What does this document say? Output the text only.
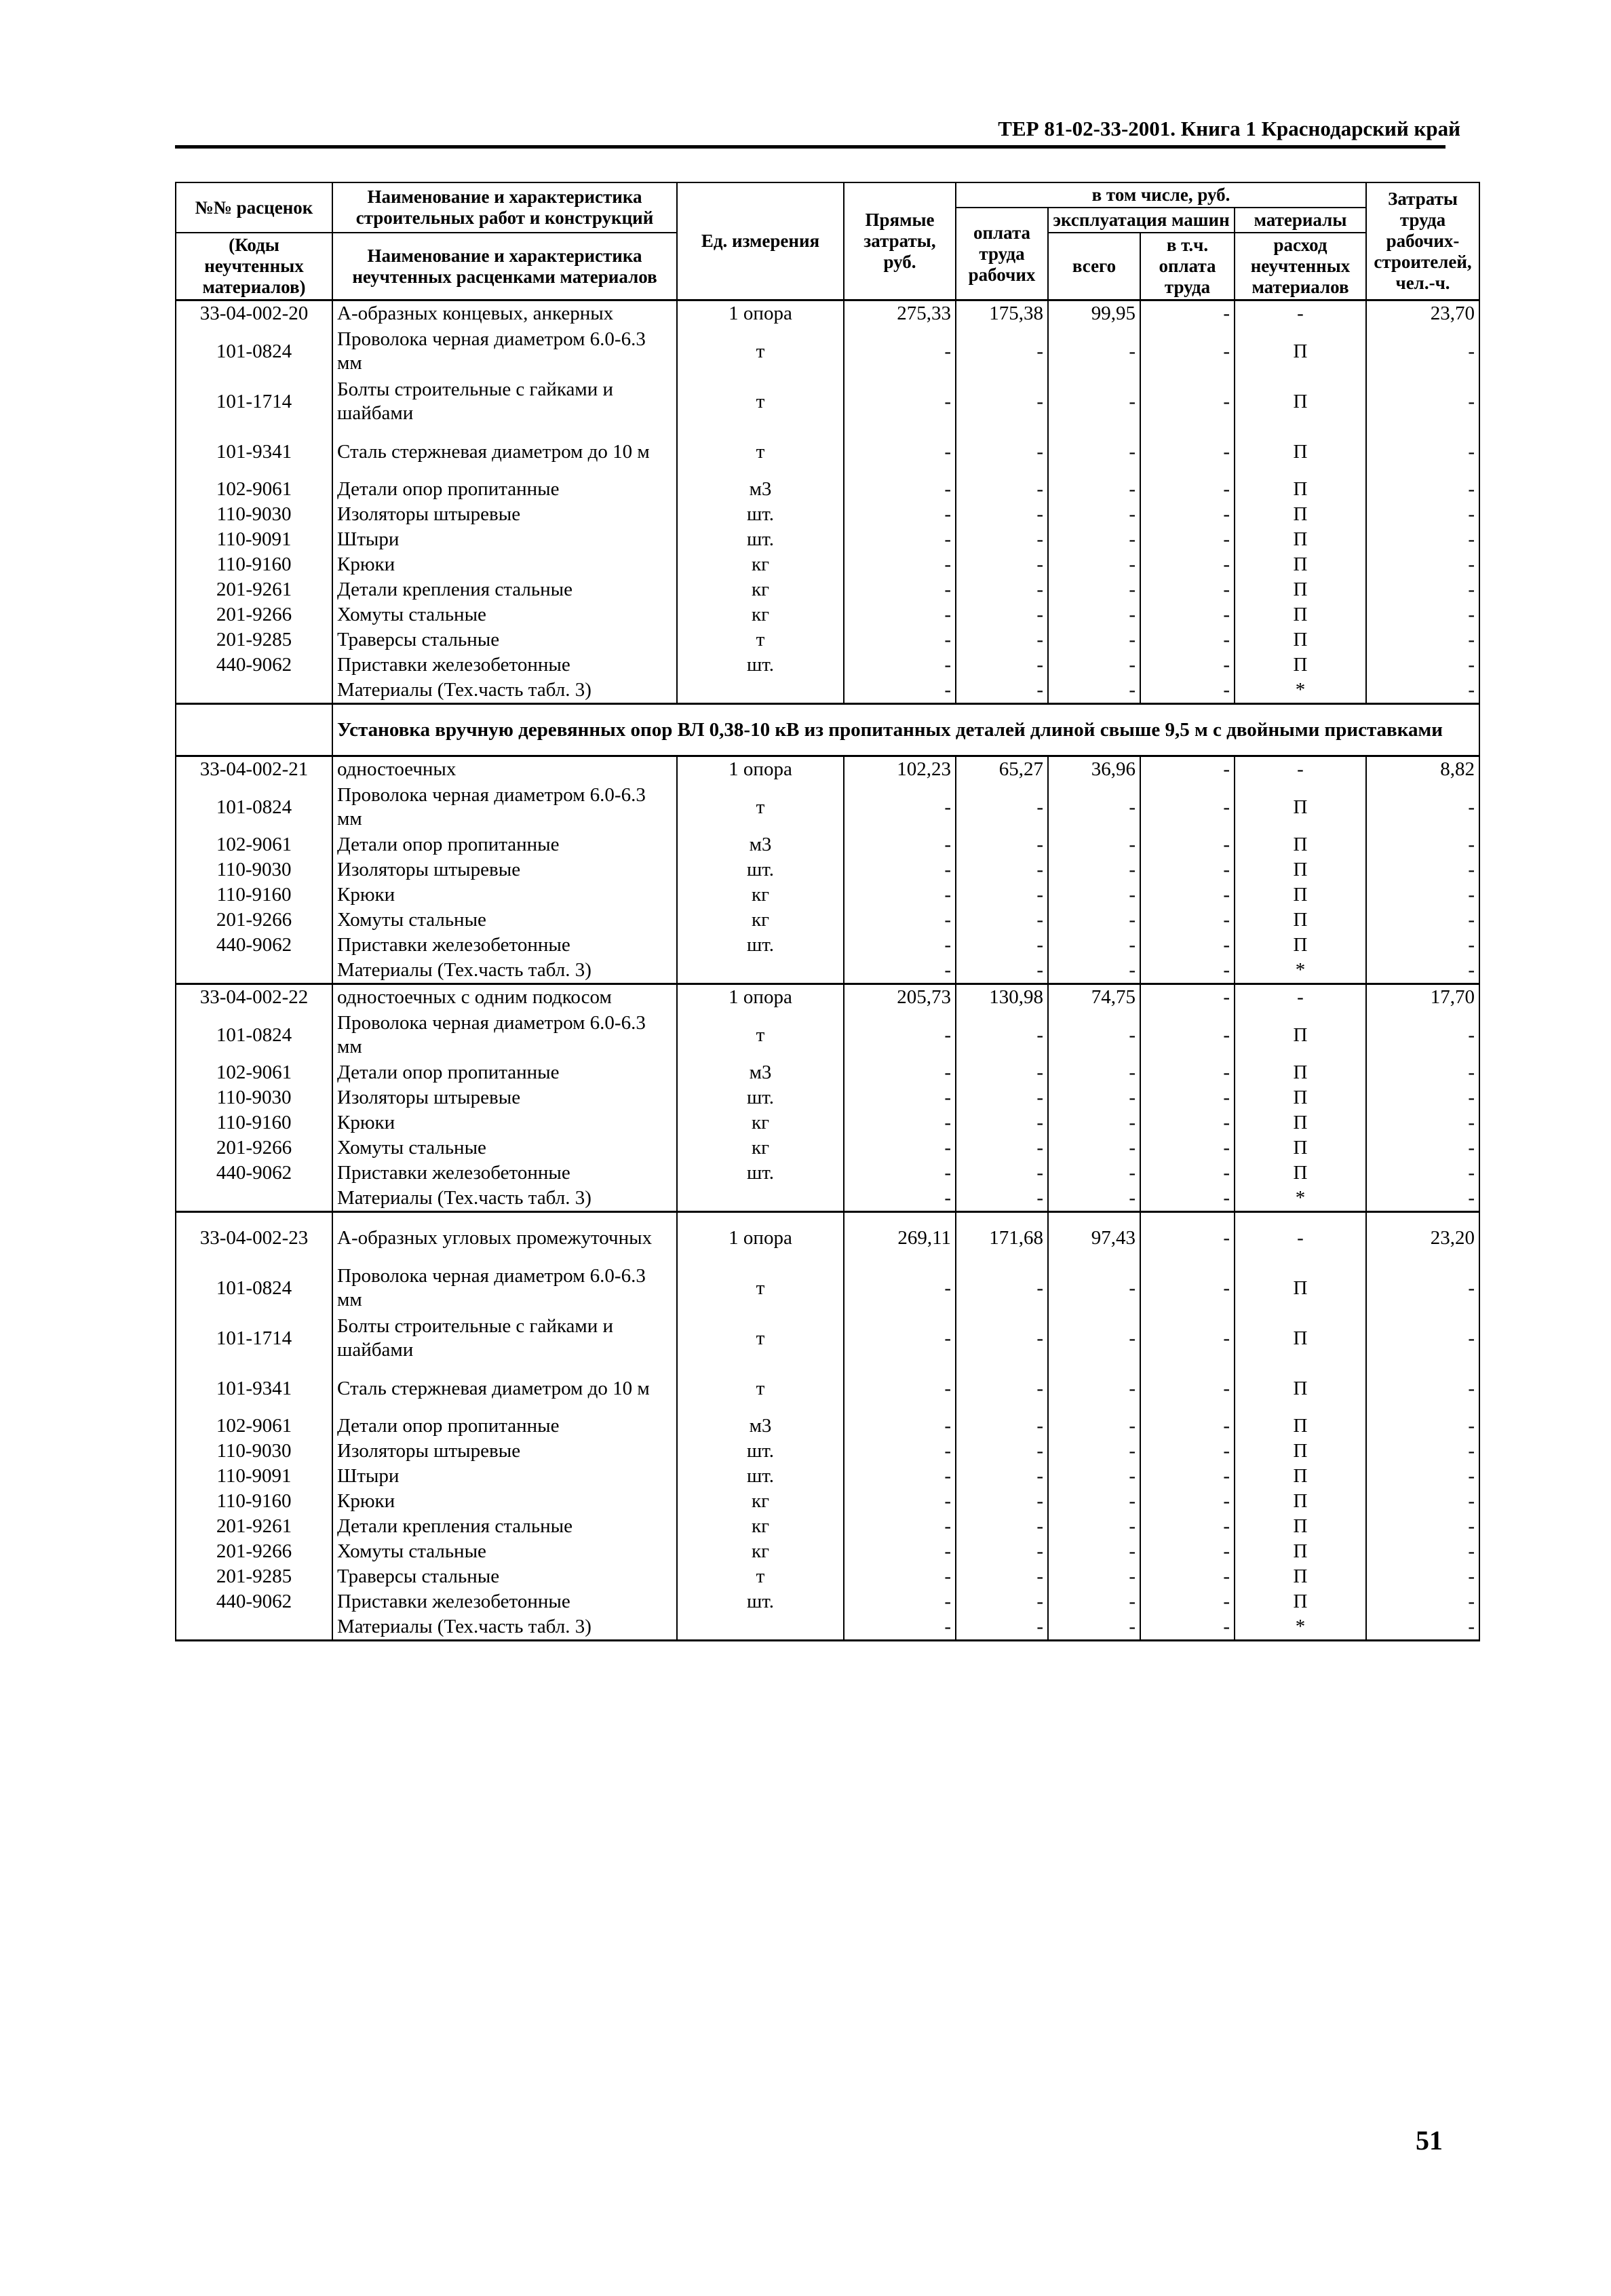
ТЕР 81-02-33-2001. Книга 1 Краснодарский край
№№ расценок	Наименование и характеристика строительных работ и конструкций	Ед. измерения	Прямые затраты, руб.	в том числе, руб.				Затраты труда рабочих-строителей, чел.-ч.
				оплата труда рабочих	эксплуатация машин		материалы	
(Коды неучтенных материалов)	Наименование и характеристика неучтенных расценками материалов				всего	в т.ч. оплата труда	расход неучтенных материалов	

33-04-002-20	А-образных концевых, анкерных	1 опора	275,33	175,38	99,95	-	-	23,70
101-0824	Проволока черная диаметром 6.0-6.3 мм	т	-	-	-	-	П	-
101-1714	Болты строительные с гайками и шайбами	т	-	-	-	-	П	-
101-9341	Сталь стержневая диаметром до 10 м	т	-	-	-	-	П	-
102-9061	Детали опор пропитанные	м3	-	-	-	-	П	-
110-9030	Изоляторы штыревые	шт.	-	-	-	-	П	-
110-9091	Штыри	шт.	-	-	-	-	П	-
110-9160	Крюки	кг	-	-	-	-	П	-
201-9261	Детали крепления стальные	кг	-	-	-	-	П	-
201-9266	Хомуты стальные	кг	-	-	-	-	П	-
201-9285	Траверсы стальные	т	-	-	-	-	П	-
440-9062	Приставки железобетонные	шт.	-	-	-	-	П	-
	Материалы (Тех.часть табл. 3)		-	-	-	-	*	-
	Установка вручную деревянных опор ВЛ 0,38-10 кВ из пропитанных деталей длиной свыше 9,5 м с двойными приставками							
33-04-002-21	одностоечных	1 опора	102,23	65,27	36,96	-	-	8,82
101-0824	Проволока черная диаметром 6.0-6.3 мм	т	-	-	-	-	П	-
102-9061	Детали опор пропитанные	м3	-	-	-	-	П	-
110-9030	Изоляторы штыревые	шт.	-	-	-	-	П	-
110-9160	Крюки	кг	-	-	-	-	П	-
201-9266	Хомуты стальные	кг	-	-	-	-	П	-
440-9062	Приставки железобетонные	шт.	-	-	-	-	П	-
	Материалы (Тех.часть табл. 3)		-	-	-	-	*	-
33-04-002-22	одностоечных с одним подкосом	1 опора	205,73	130,98	74,75	-	-	17,70
101-0824	Проволока черная диаметром 6.0-6.3 мм	т	-	-	-	-	П	-
102-9061	Детали опор пропитанные	м3	-	-	-	-	П	-
110-9030	Изоляторы штыревые	шт.	-	-	-	-	П	-
110-9160	Крюки	кг	-	-	-	-	П	-
201-9266	Хомуты стальные	кг	-	-	-	-	П	-
440-9062	Приставки железобетонные	шт.	-	-	-	-	П	-
	Материалы (Тех.часть табл. 3)		-	-	-	-	*	-
33-04-002-23	А-образных угловых промежуточных	1 опора	269,11	171,68	97,43	-	-	23,20
101-0824	Проволока черная диаметром 6.0-6.3 мм	т	-	-	-	-	П	-
101-1714	Болты строительные с гайками и шайбами	т	-	-	-	-	П	-
101-9341	Сталь стержневая диаметром до 10 м	т	-	-	-	-	П	-
102-9061	Детали опор пропитанные	м3	-	-	-	-	П	-
110-9030	Изоляторы штыревые	шт.	-	-	-	-	П	-
110-9091	Штыри	шт.	-	-	-	-	П	-
110-9160	Крюки	кг	-	-	-	-	П	-
201-9261	Детали крепления стальные	кг	-	-	-	-	П	-
201-9266	Хомуты стальные	кг	-	-	-	-	П	-
201-9285	Траверсы стальные	т	-	-	-	-	П	-
440-9062	Приставки железобетонные	шт.	-	-	-	-	П	-
	Материалы (Тех.часть табл. 3)		-	-	-	-	*	-
51
